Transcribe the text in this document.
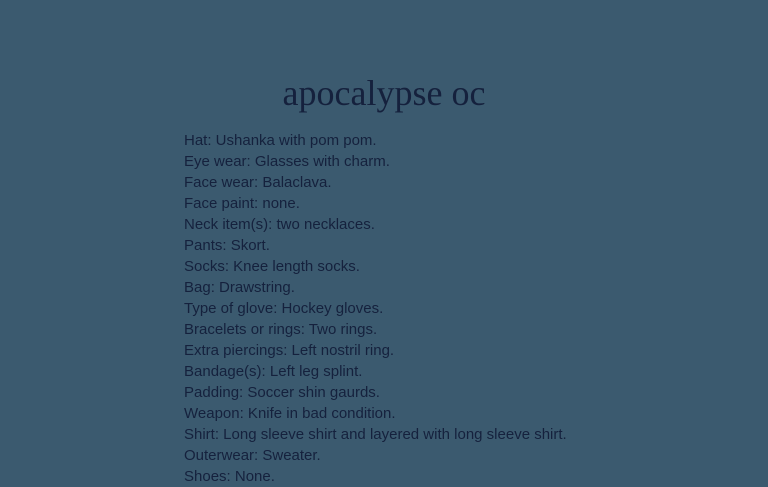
apocalypse oc
Hat: Ushanka with pom pom.
Eye wear: Glasses with charm.
Face wear: Balaclava.
Face paint: none.
Neck item(s): two necklaces.
Pants: Skort.
Socks: Knee length socks.
Bag: Drawstring.
Type of glove: Hockey gloves.
Bracelets or rings: Two rings.
Extra piercings: Left nostril ring.
Bandage(s): Left leg splint.
Padding: Soccer shin gaurds.
Weapon: Knife in bad condition.
Shirt: Long sleeve shirt and layered with long sleeve shirt.
Outerwear: Sweater.
Shoes: None.
